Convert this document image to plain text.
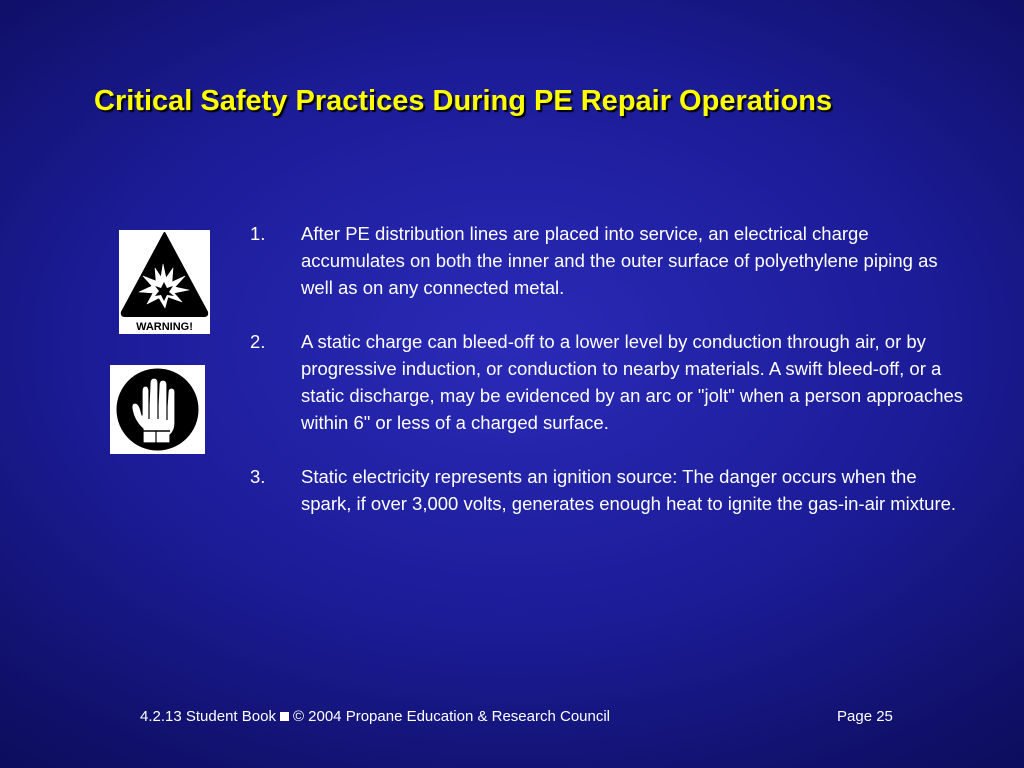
Critical Safety Practices During PE Repair Operations
WARNING!
1. After PE distribution lines are placed into service, an electrical charge accumulates on both the inner and the outer surface of polyethylene piping as well as on any connected metal.
2. A static charge can bleed-off to a lower level by conduction through air, or by progressive induction, or conduction to nearby materials. A swift bleed-off, or a static discharge, may be evidenced by an arc or "jolt" when a person approaches within 6" or less of a charged surface.
3. Static electricity represents an ignition source: The danger occurs when the spark, if over 3,000 volts, generates enough heat to ignite the gas-in-air mixture.
4.2.13 Student Book © 2004 Propane Education & Research Council	Page 25
